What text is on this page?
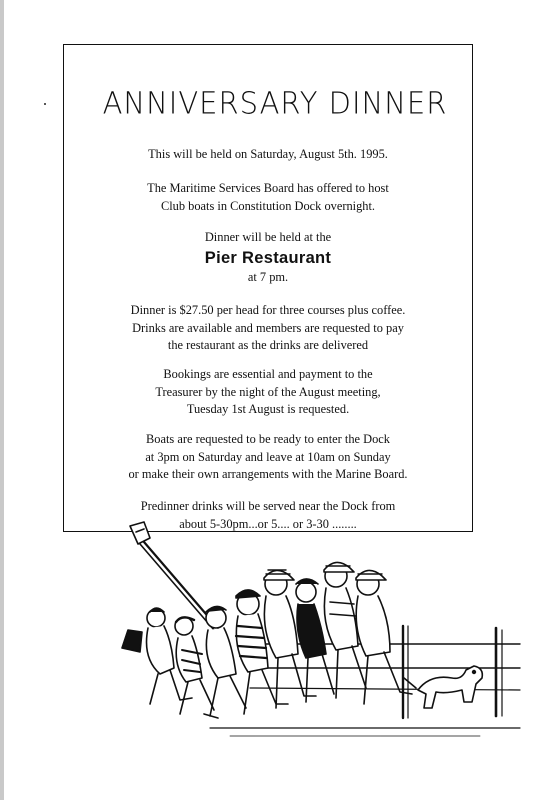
ANNIVERSARY DINNER

This will be held on Saturday, August 5th. 1995.

The Maritime Services Board has offered to host
Club boats in Constitution Dock overnight.

Dinner will be held at the
Pier Restaurant
at 7 pm.

Dinner is $27.50 per head for three courses plus coffee.
Drinks are available and members are requested to pay
the restaurant as the drinks are delivered

Bookings are essential and payment to the
Treasurer by the night of the August meeting,
Tuesday 1st August is requested.

Boats are requested to be ready to enter the Dock
at 3pm on Saturday and leave at 10am on Sunday
or make their own arrangements with the Marine Board.

Predinner drinks will be served near the Dock from
about 5-30pm...or 5.... or 3-30 ........
